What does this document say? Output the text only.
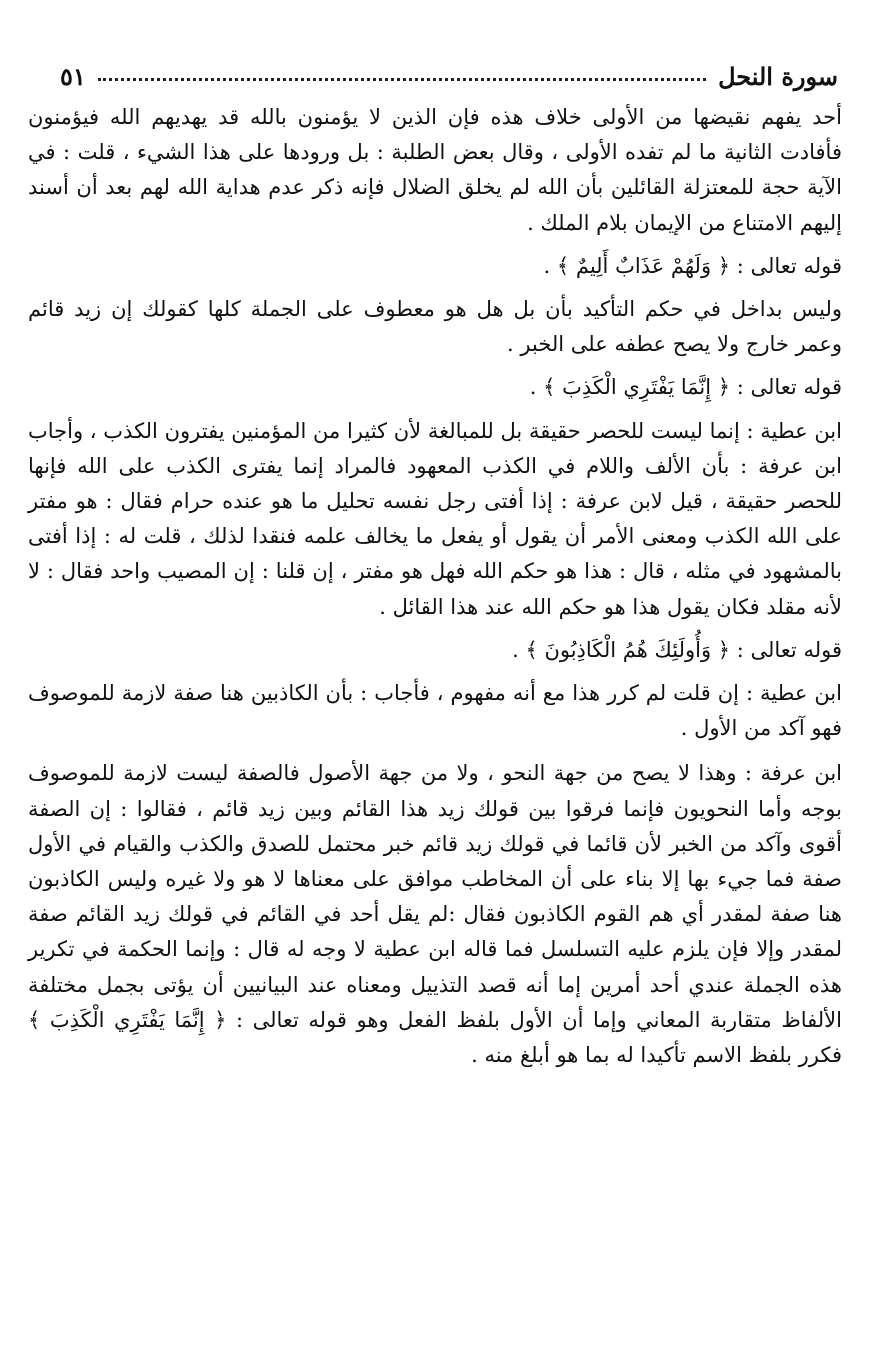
٥١	سورة النحل

أحد يفهم نقيضها من الأولى خلاف هذه فإن الذين لا يؤمنون بالله قد يهديهم الله فيؤمنون فأفادت الثانية ما لم تفده الأولى ، وقال بعض الطلبة : بل ورودها على هذا الشيء ، قلت : في الآية حجة للمعتزلة القائلين بأن الله لم يخلق الضلال فإنه ذكر عدم هداية الله لهم بعد أن أسند إليهم الامتناع من الإيمان بلام الملك .

قوله تعالى : ﴿ وَلَهُمْ عَذَابٌ أَلِيمٌ ﴾ .

وليس بداخل في حكم التأكيد بأن بل هل هو معطوف على الجملة كلها كقولك إن زيد قائم وعمر خارج ولا يصح عطفه على الخبر .

قوله تعالى : ﴿ إِنَّمَا يَفْتَرِي الْكَذِبَ ﴾ .

ابن عطية : إنما ليست للحصر حقيقة بل للمبالغة لأن كثيرا من المؤمنين يفترون الكذب ، وأجاب ابن عرفة : بأن الألف واللام في الكذب المعهود فالمراد إنما يفترى الكذب على الله فإنها للحصر حقيقة ، قيل لابن عرفة : إذا أفتى رجل نفسه تحليل ما هو عنده حرام فقال : هو مفتر على الله الكذب ومعنى الأمر أن يقول أو يفعل ما يخالف علمه فنقدا لذلك ، قلت له : إذا أفتى بالمشهود في مثله ، قال : هذا هو حكم الله فهل هو مفتر ، إن قلنا : إن المصيب واحد فقال : لا لأنه مقلد فكان يقول هذا هو حكم الله عند هذا القائل .

قوله تعالى : ﴿ وَأُولَئِكَ هُمُ الْكَاذِبُونَ ﴾ .

ابن عطية : إن قلت لم كرر هذا مع أنه مفهوم ، فأجاب : بأن الكاذبين هنا صفة لازمة للموصوف فهو آكد من الأول .

ابن عرفة : وهذا لا يصح من جهة النحو ، ولا من جهة الأصول فالصفة ليست لازمة للموصوف بوجه وأما النحويون فإنما فرقوا بين قولك زيد هذا القائم وبين زيد قائم ، فقالوا : إن الصفة أقوى وآكد من الخبر لأن قائما في قولك زيد قائم خبر محتمل للصدق والكذب والقيام في الأول صفة فما جيء بها إلا بناء على أن المخاطب موافق على معناها لا هو ولا غيره وليس الكاذبون هنا صفة لمقدر أي هم القوم الكاذبون فقال :لم يقل أحد في القائم في قولك زيد القائم صفة لمقدر وإلا فإن يلزم عليه التسلسل فما قاله ابن عطية لا وجه له قال : وإنما الحكمة في تكرير هذه الجملة عندي أحد أمرين إما أنه قصد التذييل ومعناه عند البيانيين أن يؤتى بجمل مختلفة الألفاظ متقاربة المعاني وإما أن الأول بلفظ الفعل وهو قوله تعالى : ﴿ إِنَّمَا يَفْتَرِي الْكَذِبَ ﴾ فكرر بلفظ الاسم تأكيدا له بما هو أبلغ منه .
